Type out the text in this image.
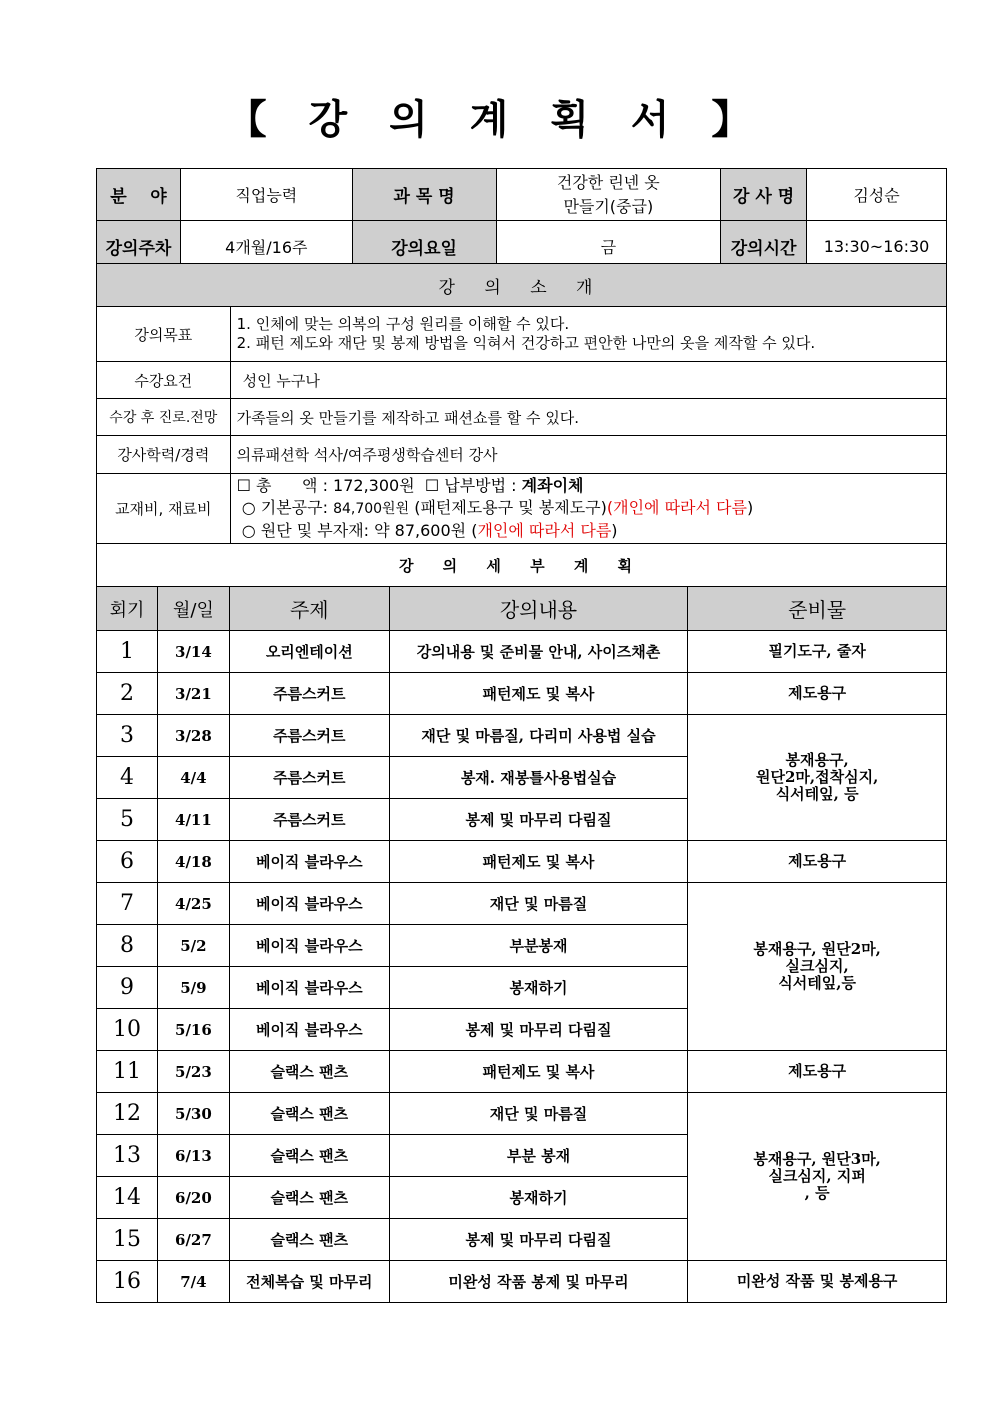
【 강 의 계 획 서 】
분    야	직업능력	과 목 명	건강한 린넨 옷
만들기(중급)	강 사 명	김성순
강의주차	4개월/16주	강의요일	금	강의시간	13:30~16:30
강 의 소 개	
강의목표	1. 인체에 맞는 의복의 구성 원리를 이해할 수 있다.
2. 패턴 제도와 재단 및 봉제 방법을 익혀서 건강하고 편안한 나만의 옷을 제작할 수 있다.

수강요건	성인 누구나
수강 후 진로.전망	가족들의 옷 만들기를 제작하고 패션쇼를 할 수 있다.
강사학력/경력	의류패션학 석사/여주평생학습센터 강사
교재비, 재료비	☐ 총      액 : 172,300원  ☐ 납부방법 : 계좌이체
○ 기본공구: 84,700원원 (패턴제도용구 및 봉제도구)(개인에 따라서 다름)
○ 원단 및 부자재: 약 87,600원 (개인에 따라서 다름)

강 의 세 부 계 획	
회기	월/일	주제	강의내용	준비물
1	3/14	오리엔테이션	강의내용 및 준비물 안내, 사이즈채촌	필기도구, 줄자
2	3/21	주름스커트	패턴제도 및 복사	제도용구
3	3/28	주름스커트	재단 및 마름질, 다리미 사용법 실습	봉재용구,
원단2마,접착심지,
식서테잎, 등
4	4/4	주름스커트	봉재. 재봉틀사용법실습	
5	4/11	주름스커트	봉제 및 마무리 다림질	
6	4/18	베이직 블라우스	패턴제도 및 복사	제도용구
7	4/25	베이직 블라우스	재단 및 마름질	봉재용구, 원단2마,
실크심지,
식서테잎,등
8	5/2	베이직 블라우스	부분봉재	
9	5/9	베이직 블라우스	봉재하기	
10	5/16	베이직 블라우스	봉제 및 마무리 다림질	
11	5/23	슬랙스 팬츠	패턴제도 및 복사	제도용구
12	5/30	슬랙스 팬츠	재단 및 마름질	봉재용구, 원단3마,
실크심지, 지퍼
, 등
13	6/13	슬랙스 팬츠	부분 봉재	
14	6/20	슬랙스 팬츠	봉재하기	
15	6/27	슬랙스 팬츠	봉제 및 마무리 다림질	
16	7/4	전체복습 및 마무리	미완성 작품 봉제 및 마무리	미완성 작품 및 봉제용구
